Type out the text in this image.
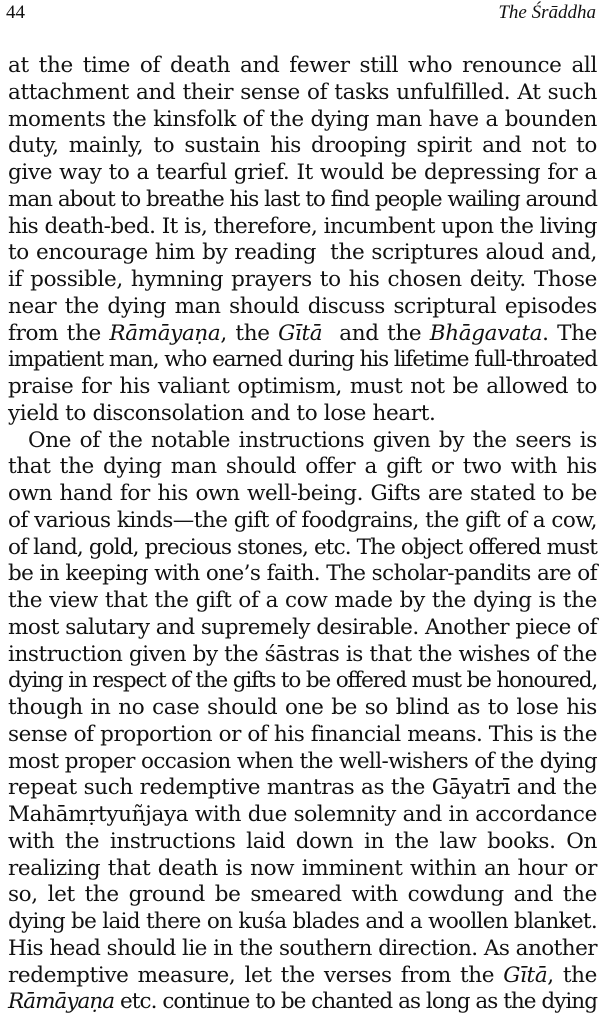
44	The Śrāddha
at the time of death and fewer still who renounce all
attachment and their sense of tasks unfulfilled. At such
moments the kinsfolk of the dying man have a bounden
duty, mainly, to sustain his drooping spirit and not to
give way to a tearful grief. It would be depressing for a
man about to breathe his last to find people wailing around
his death-bed. It is, therefore, incumbent upon the living
to encourage him by reading  the scriptures aloud and,
if possible, hymning prayers to his chosen deity. Those
near the dying man should discuss scriptural episodes
from the Rāmāyaṇa, the Gītā  and the Bhāgavata. The
impatient man, who earned during his lifetime full-throated
praise for his valiant optimism, must not be allowed to
yield to disconsolation and to lose heart.
One of the notable instructions given by the seers is
that the dying man should offer a gift or two with his
own hand for his own well-being. Gifts are stated to be
of various kinds—the gift of foodgrains, the gift of a cow,
of land, gold, precious stones, etc. The object offered must
be in keeping with one’s faith. The scholar-pandits are of
the view that the gift of a cow made by the dying is the
most salutary and supremely desirable. Another piece of
instruction given by the śāstras is that the wishes of the
dying in respect of the gifts to be offered must be honoured,
though in no case should one be so blind as to lose his
sense of proportion or of his financial means. This is the
most proper occasion when the well-wishers of the dying
repeat such redemptive mantras as the Gāyatrī and the
Mahāmṛtyuñjaya with due solemnity and in accordance
with the instructions laid down in the law books. On
realizing that death is now imminent within an hour or
so, let the ground be smeared with cowdung and the
dying be laid there on kuśa blades and a woollen blanket.
His head should lie in the southern direction. As another
redemptive measure, let the verses from the Gītā, the
Rāmāyaṇa etc. continue to be chanted as long as the dying
